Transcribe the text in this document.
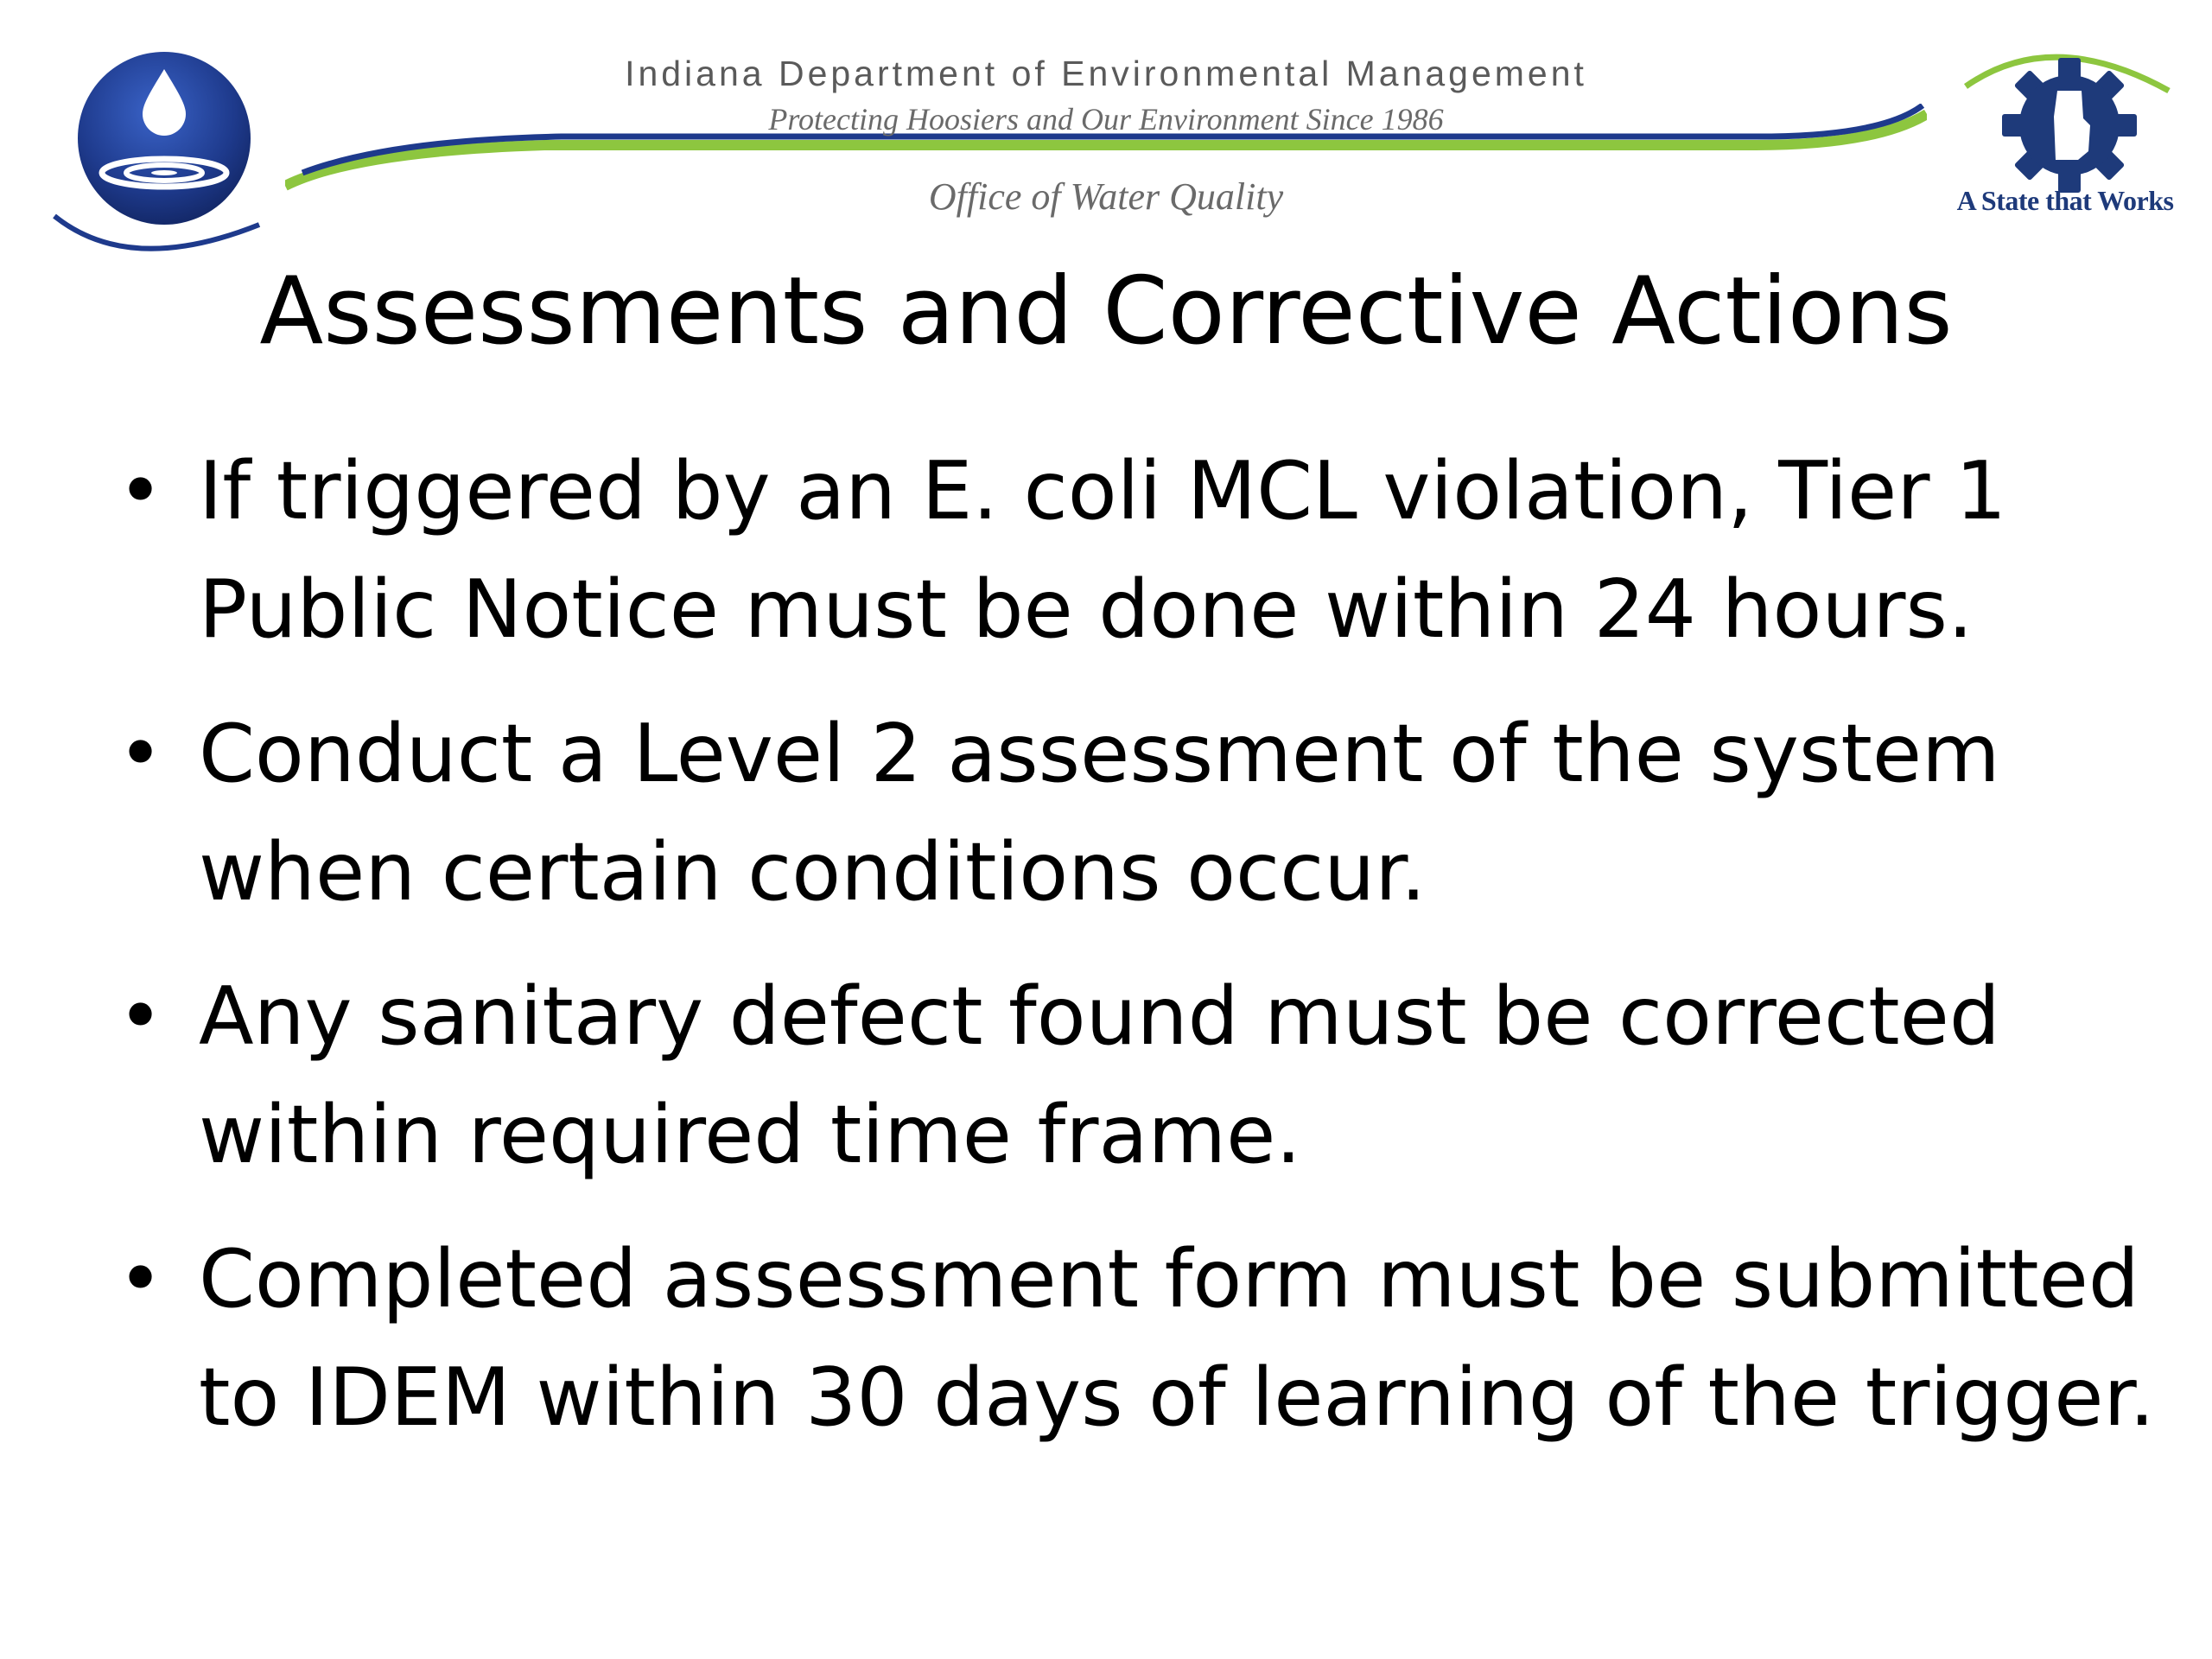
Indiana Department of Environmental Management
Protecting Hoosiers and Our Environment Since 1986
Office of Water Quality	A State that Works
Assessments and Corrective Actions
• If triggered by an E. coli MCL violation, Tier 1 Public Notice must be done within 24 hours.
• Conduct a Level 2 assessment of the system when certain conditions occur.
• Any sanitary defect found must be corrected within required time frame.
• Completed assessment form must be submitted to IDEM within 30 days of learning of the trigger.
